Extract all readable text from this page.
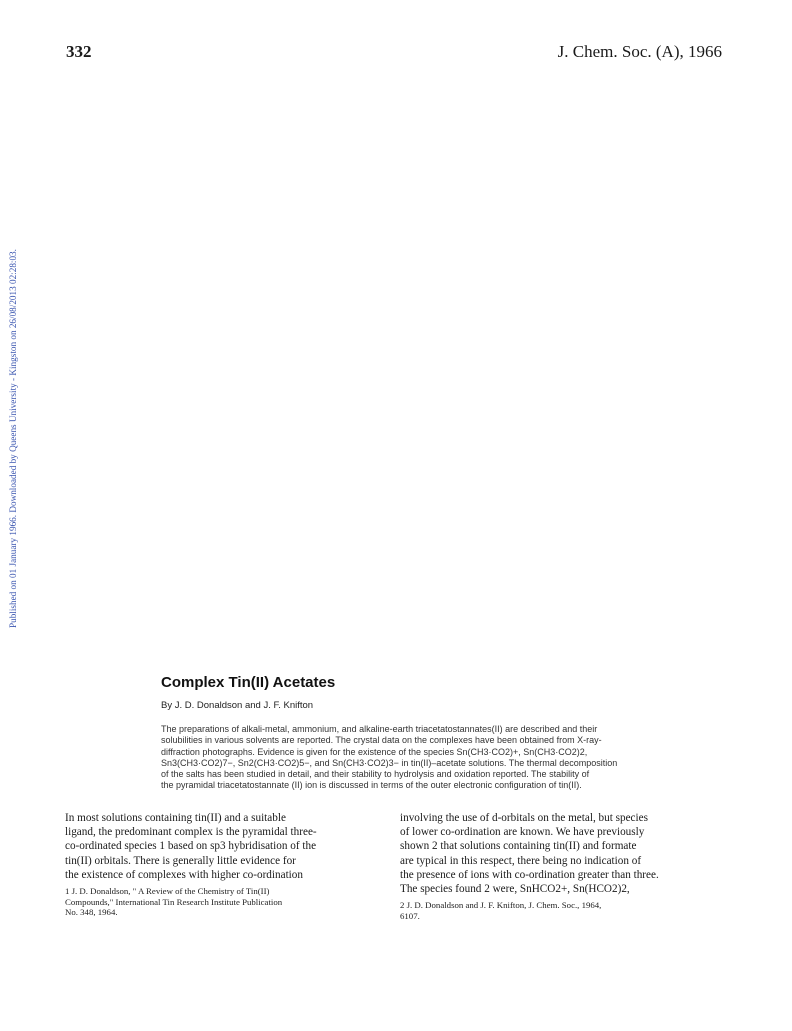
332	J. Chem. Soc. (A), 1966
Published on 01 January 1966. Downloaded by Queens University - Kingston on 26/08/2013 02:28:03.
Complex Tin(II) Acetates
By J. D. Donaldson and J. F. Knifton
The preparations of alkali-metal, ammonium, and alkaline-earth triacetatostannates(II) are described and their
solubilities in various solvents are reported. The crystal data on the complexes have been obtained from X-ray-
diffraction photographs. Evidence is given for the existence of the species Sn(CH3·CO2)+, Sn(CH3·CO2)2,
Sn3(CH3·CO2)7−, Sn2(CH3·CO2)5−, and Sn(CH3·CO2)3− in tin(II)–acetate solutions. The thermal decomposition
of the salts has been studied in detail, and their stability to hydrolysis and oxidation reported. The stability of
the pyramidal triacetatostannate (II) ion is discussed in terms of the outer electronic configuration of tin(II).
In most solutions containing tin(II) and a suitable
ligand, the predominant complex is the pyramidal three-
co-ordinated species 1 based on sp3 hybridisation of the
tin(II) orbitals. There is generally little evidence for
the existence of complexes with higher co-ordination
1 J. D. Donaldson, " A Review of the Chemistry of Tin(II)
Compounds," International Tin Research Institute Publication
No. 348, 1964.
involving the use of d-orbitals on the metal, but species
of lower co-ordination are known. We have previously
shown 2 that solutions containing tin(II) and formate
are typical in this respect, there being no indication of
the presence of ions with co-ordination greater than three.
The species found 2 were, SnHCO2+, Sn(HCO2)2,
2 J. D. Donaldson and J. F. Knifton, J. Chem. Soc., 1964,
6107.
